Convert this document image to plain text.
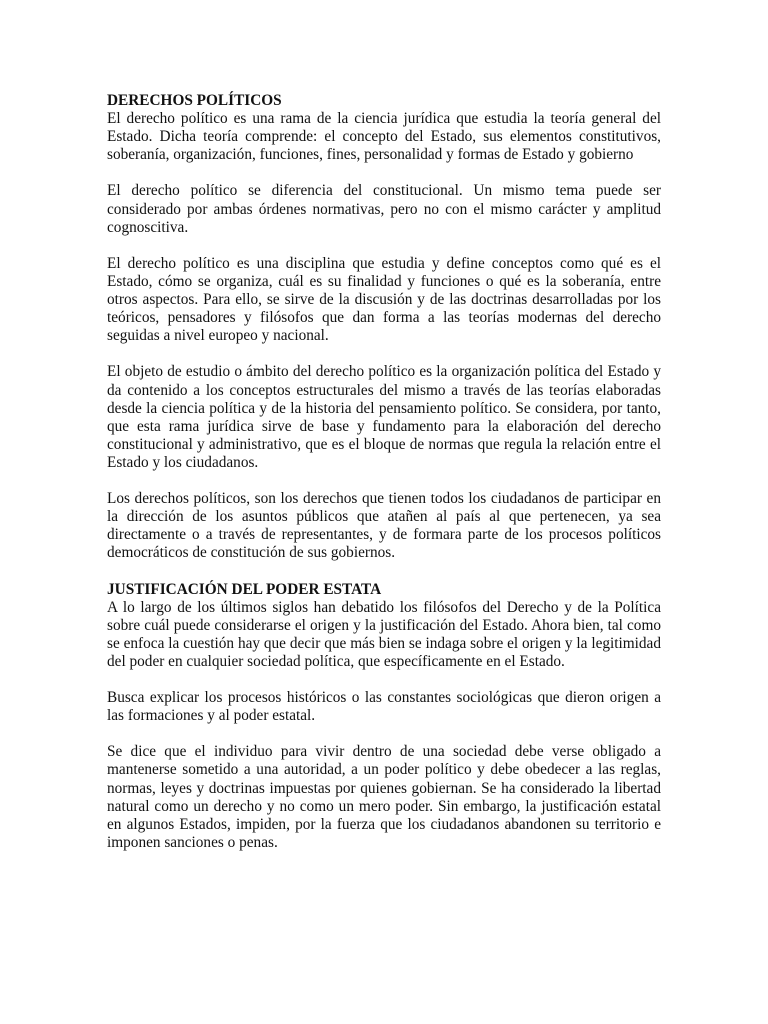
DERECHOS POLÍTICOS

El derecho político es una rama de la ciencia jurídica que estudia la teoría general del Estado. Dicha teoría comprende: el concepto del Estado, sus elementos constitutivos, soberanía, organización, funciones, fines, personalidad y formas de Estado y gobierno

El derecho político se diferencia del constitucional. Un mismo tema puede ser considerado por ambas órdenes normativas, pero no con el mismo carácter y amplitud cognoscitiva.

El derecho político es una disciplina que estudia y define conceptos como qué es el Estado, cómo se organiza, cuál es su finalidad y funciones o qué es la soberanía, entre otros aspectos. Para ello, se sirve de la discusión y de las doctrinas desarrolladas por los teóricos, pensadores y filósofos que dan forma a las teorías modernas del derecho seguidas a nivel europeo y nacional.

El objeto de estudio o ámbito del derecho político es la organización política del Estado y da contenido a los conceptos estructurales del mismo a través de las teorías elaboradas desde la ciencia política y de la historia del pensamiento político. Se considera, por tanto, que esta rama jurídica sirve de base y fundamento para la elaboración del derecho constitucional y administrativo, que es el bloque de normas que regula la relación entre el Estado y los ciudadanos.

Los derechos políticos, son los derechos que tienen todos los ciudadanos de participar en la dirección de los asuntos públicos que atañen al país al que pertenecen, ya sea directamente o a través de representantes, y de formara parte de los procesos políticos democráticos de constitución de sus gobiernos.

JUSTIFICACIÓN DEL PODER ESTATA

A lo largo de los últimos siglos han debatido los filósofos del Derecho y de la Política sobre cuál puede considerarse el origen y la justificación del Estado. Ahora bien, tal como se enfoca la cuestión hay que decir que más bien se indaga sobre el origen y la legitimidad del poder en cualquier sociedad política, que específicamente en el Estado.

Busca explicar los procesos históricos o las constantes sociológicas que dieron origen a las formaciones y al poder estatal.

Se dice que el individuo para vivir dentro de una sociedad debe verse obligado a mantenerse sometido a una autoridad, a un poder político y debe obedecer a las reglas, normas, leyes y doctrinas impuestas por quienes gobiernan. Se ha considerado la libertad natural como un derecho y no como un mero poder. Sin embargo, la justificación estatal en algunos Estados, impiden, por la fuerza que los ciudadanos abandonen su territorio e imponen sanciones o penas.
